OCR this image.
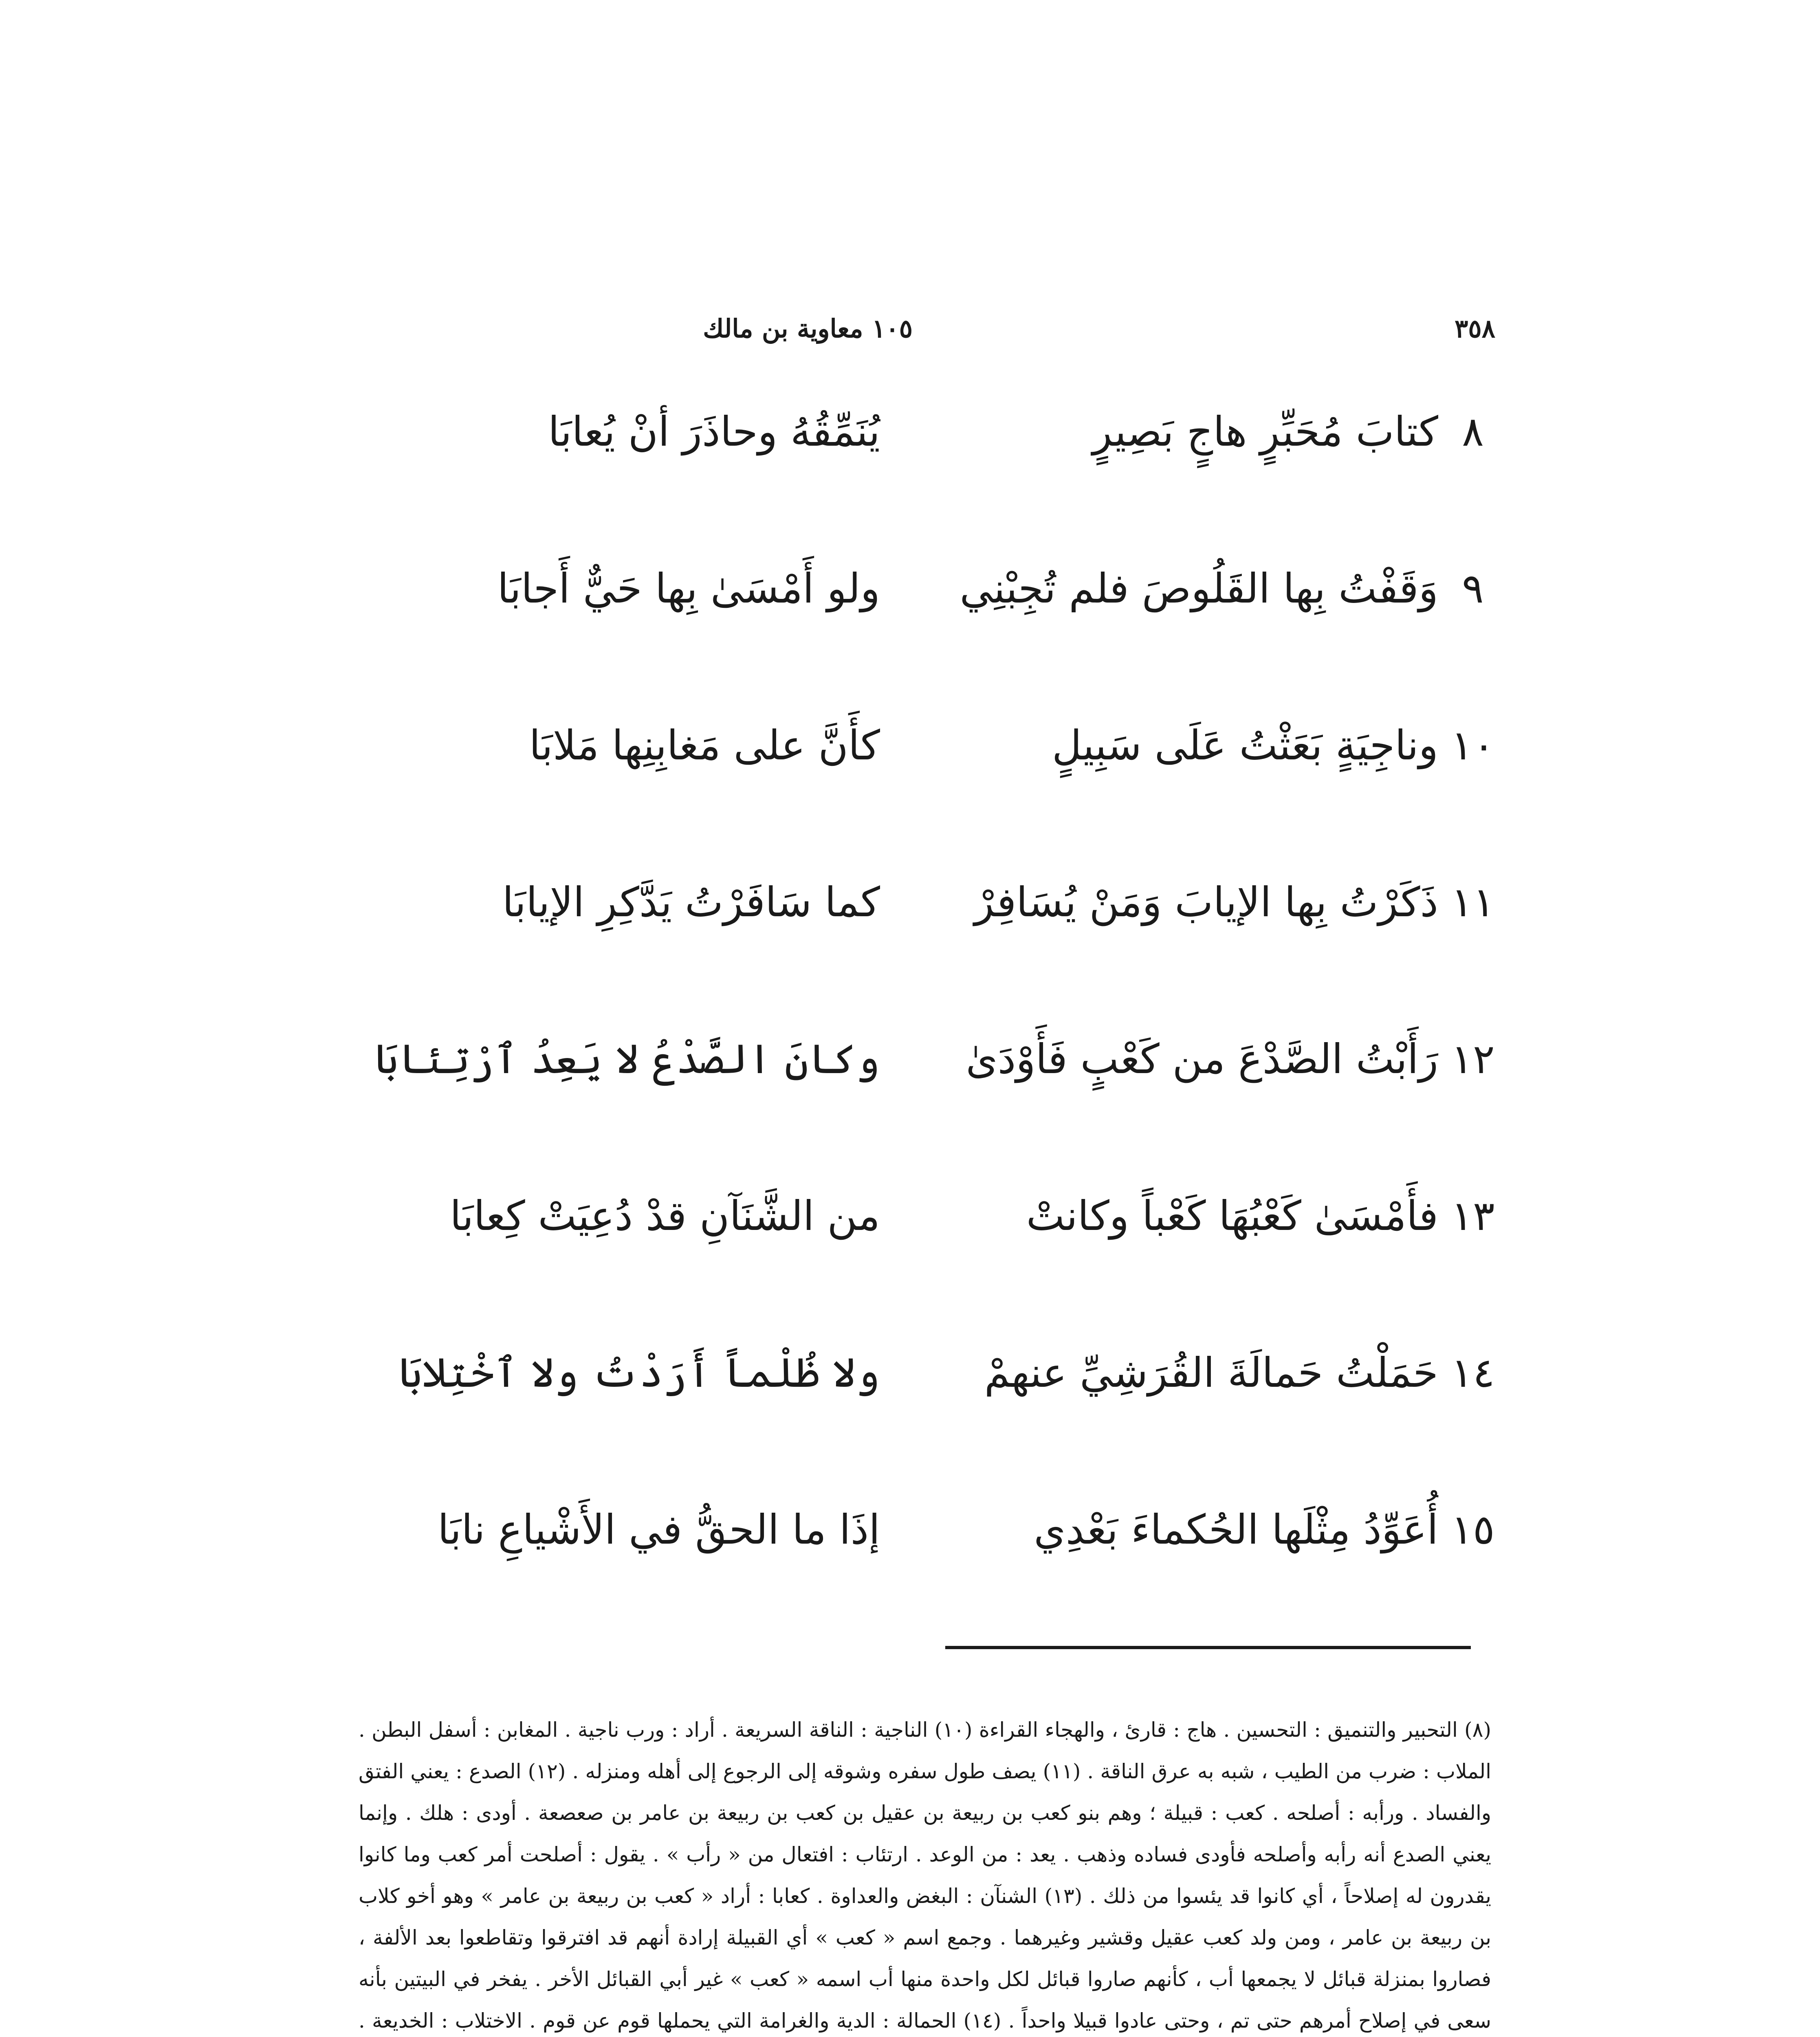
٣٥٨
١٠٥ معاوية بن مالك
٨
كتابَ مُحَبِّرٍ هاجٍ بَصِيرٍ
يُنَمِّقُهُ وحاذَرَ أنْ يُعابَا
٩
وَقَفْتُ بِها القَلُوصَ فلم تُجِبْنِي
ولو أَمْسَىٰ بِها حَيٌّ أَجابَا
١٠
وناجِيَةٍ بَعَثْتُ عَلَى سَبِيلٍ
كأَنَّ على مَغابِنِها مَلابَا
١١
ذَكَرْتُ بِها الإيابَ وَمَنْ يُسَافِرْ
كما سَافَرْتُ يَدَّكِرِ الإيابَا
١٢
رَأَبْتُ الصَّدْعَ من كَعْبٍ فَأَوْدَىٰ
وكانَ الصَّدْعُ لا يَعِدُ ٱرْتِئابَا
١٣
فأَمْسَىٰ كَعْبُهَا كَعْباً وكانتْ
من الشَّنَآنِ قدْ دُعِيَتْ كِعابَا
١٤
حَمَلْتُ حَمالَةَ القُرَشِيِّ عنهمْ
ولا ظُلْماً أَرَدْتُ ولا ٱخْتِلابَا
١٥
أُعَوِّدُ مِثْلَها الحُكماءَ بَعْدِي
إذَا ما الحقُّ في الأَشْياعِ نابَا

(٨) التحبير والتنميق : التحسين . هاج : قارئ ، والهجاء القراءة (١٠) الناجية : الناقة السريعة . أراد : ورب ناجية . المغابن : أسفل البطن . الملاب : ضرب من الطيب ، شبه به عرق الناقة . (١١) يصف طول سفره وشوقه إلى الرجوع إلى أهله ومنزله . (١٢) الصدع : يعني الفتق والفساد . ورأبه : أصلحه . كعب : قبيلة ؛ وهم بنو كعب بن ربيعة بن عقيل بن كعب بن ربيعة بن عامر بن صعصعة . أودى : هلك . وإنما يعني الصدع أنه رأبه وأصلحه فأودى فساده وذهب . يعد : من الوعد . ارتئاب : افتعال من « رأب » . يقول : أصلحت أمر كعب وما كانوا يقدرون له إصلاحاً ، أي كانوا قد يئسوا من ذلك . (١٣) الشنآن : البغض والعداوة . كعابا : أراد « كعب بن ربيعة بن عامر » وهو أخو كلاب بن ربيعة بن عامر ، ومن ولد كعب عقيل وقشير وغيرهما . وجمع اسم « كعب » أي القبيلة إرادة أنهم قد افترقوا وتقاطعوا بعد الألفة ، فصاروا بمنزلة قبائل لا يجمعها أب ، كأنهم صاروا قبائل لكل واحدة منها أب اسمه « كعب » غير أبي القبائل الأخر . يفخر في البيتين بأنه سعى في إصلاح أمرهم حتى تم ، وحتى عادوا قبيلا واحداً . (١٤) الحمالة : الدية والغرامة التي يحملها قوم عن قوم . الاختلاب : الخديعة .
